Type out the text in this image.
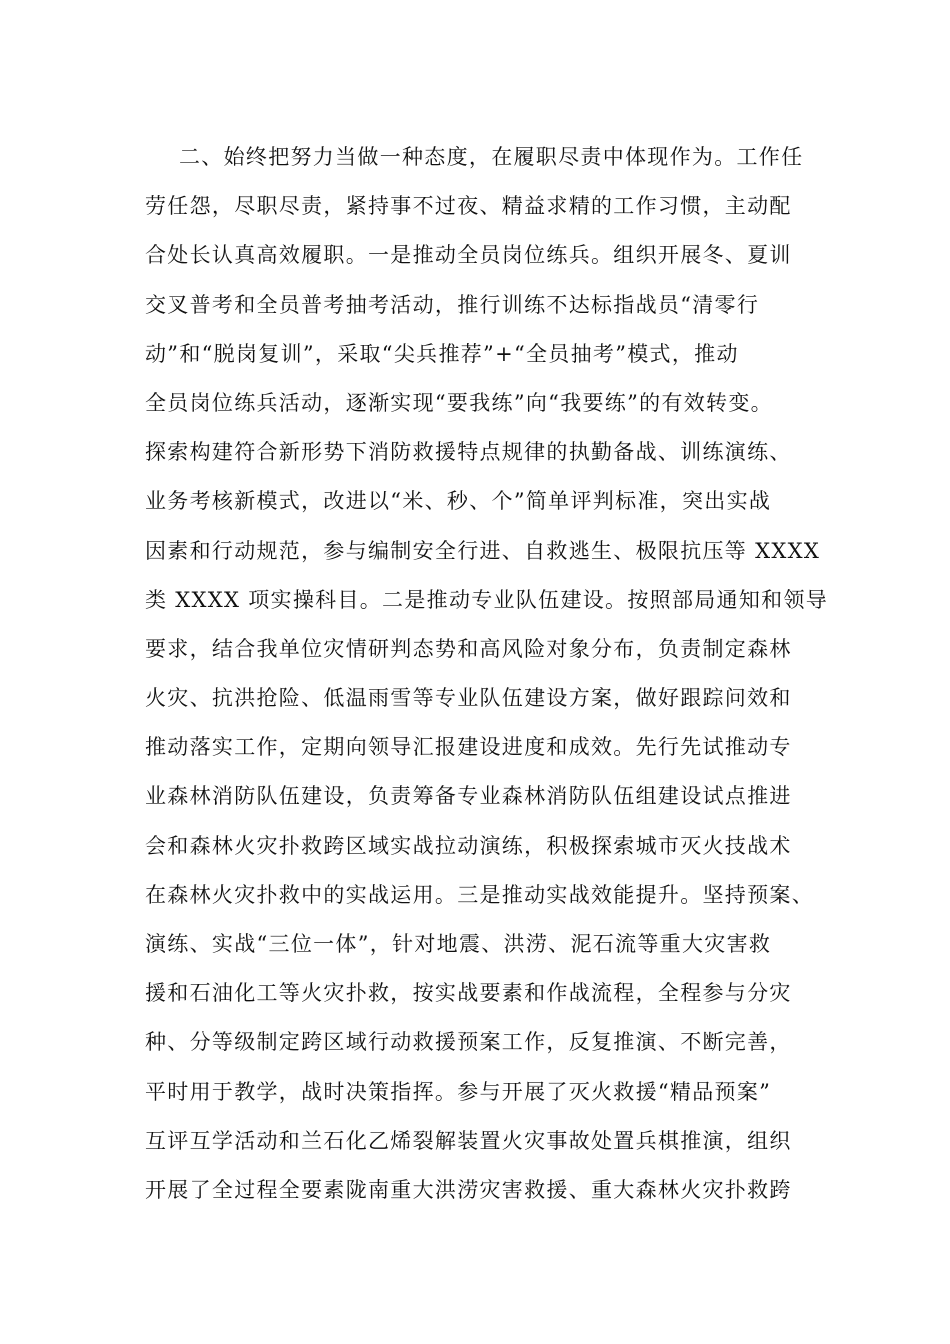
二、始终把努力当做一种态度，在履职尽责中体现作为。工作任
劳任怨，尽职尽责，紧持事不过夜、精益求精的工作习惯，主动配
合处长认真高效履职。一是推动全员岗位练兵。组织开展冬、夏训
交叉普考和全员普考抽考活动，推行训练不达标指战员“清零行
动”和“脱岗复训”，采取“尖兵推荐”+“全员抽考”模式，推动
全员岗位练兵活动，逐渐实现“要我练”向“我要练”的有效转变。
探索构建符合新形势下消防救援特点规律的执勤备战、训练演练、
业务考核新模式，改进以“米、秒、个”简单评判标准，突出实战
因素和行动规范，参与编制安全行进、自救逃生、极限抗压等 XXXX
类 XXXX 项实操科目。二是推动专业队伍建设。按照部局通知和领导
要求，结合我单位灾情研判态势和高风险对象分布，负责制定森林
火灾、抗洪抢险、低温雨雪等专业队伍建设方案，做好跟踪问效和
推动落实工作，定期向领导汇报建设进度和成效。先行先试推动专
业森林消防队伍建设，负责筹备专业森林消防队伍组建设试点推进
会和森林火灾扑救跨区域实战拉动演练，积极探索城市灭火技战术
在森林火灾扑救中的实战运用。三是推动实战效能提升。坚持预案、
演练、实战“三位一体”，针对地震、洪涝、泥石流等重大灾害救
援和石油化工等火灾扑救，按实战要素和作战流程，全程参与分灾
种、分等级制定跨区域行动救援预案工作，反复推演、不断完善，
平时用于教学，战时决策指挥。参与开展了灭火救援“精品预案”
互评互学活动和兰石化乙烯裂解装置火灾事故处置兵棋推演，组织
开展了全过程全要素陇南重大洪涝灾害救援、重大森林火灾扑救跨
